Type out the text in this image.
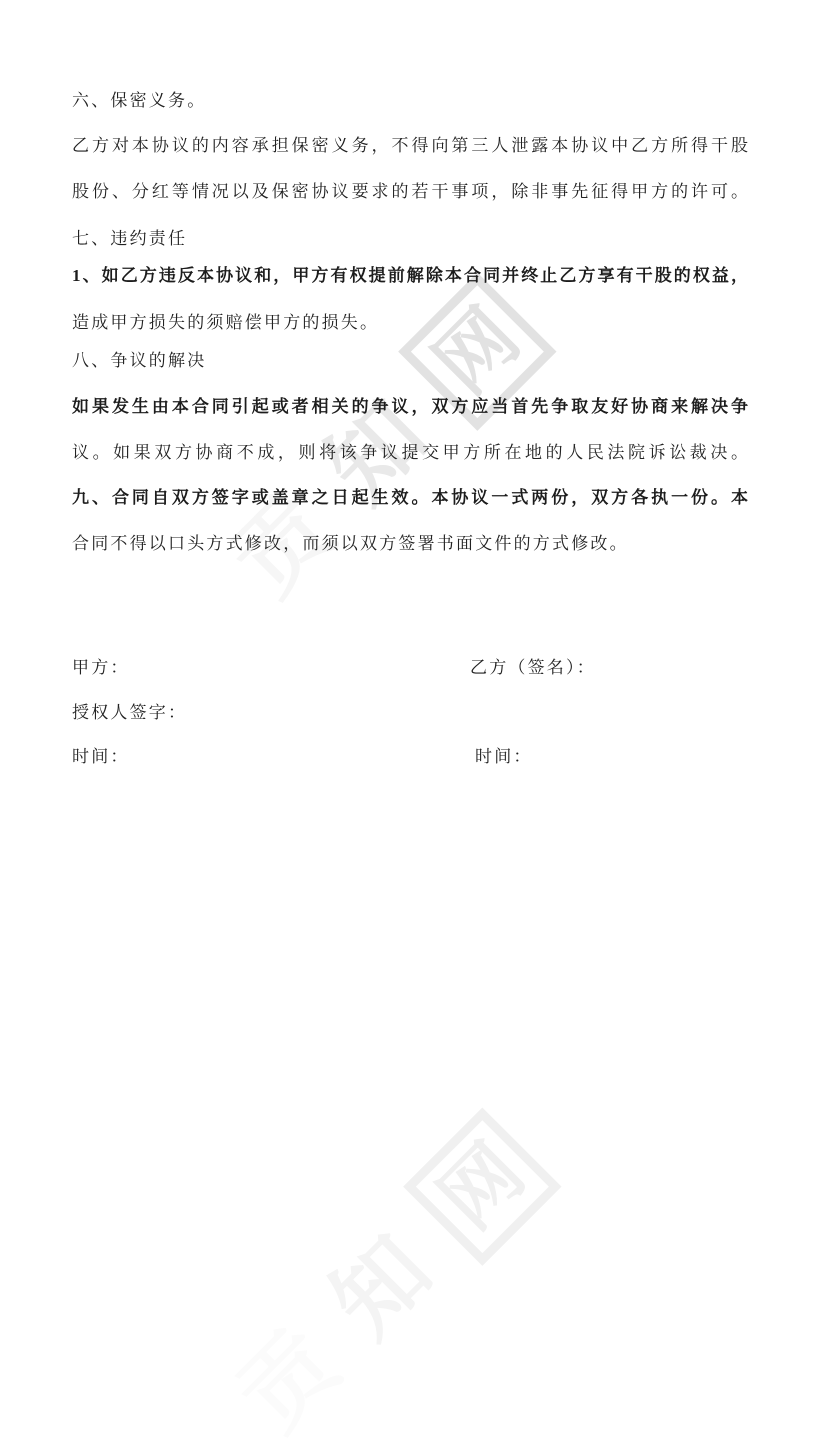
贡
知
网
贡
知
网
六、保密义务。
乙方对本协议的内容承担保密义务，不得向第三人泄露本协议中乙方所得干股
股份、分红等情况以及保密协议要求的若干事项，除非事先征得甲方的许可。
七、违约责任
1、如乙方违反本协议和，甲方有权提前解除本合同并终止乙方享有干股的权益，
造成甲方损失的须赔偿甲方的损失。
八、争议的解决
如果发生由本合同引起或者相关的争议，双方应当首先争取友好协商来解决争
议。如果双方协商不成，则将该争议提交甲方所在地的人民法院诉讼裁决。
九、合同自双方签字或盖章之日起生效。本协议一式两份，双方各执一份。本
合同不得以口头方式修改，而须以双方签署书面文件的方式修改。
甲方：	乙方（签名）：
授权人签字：
时间：	时间：
